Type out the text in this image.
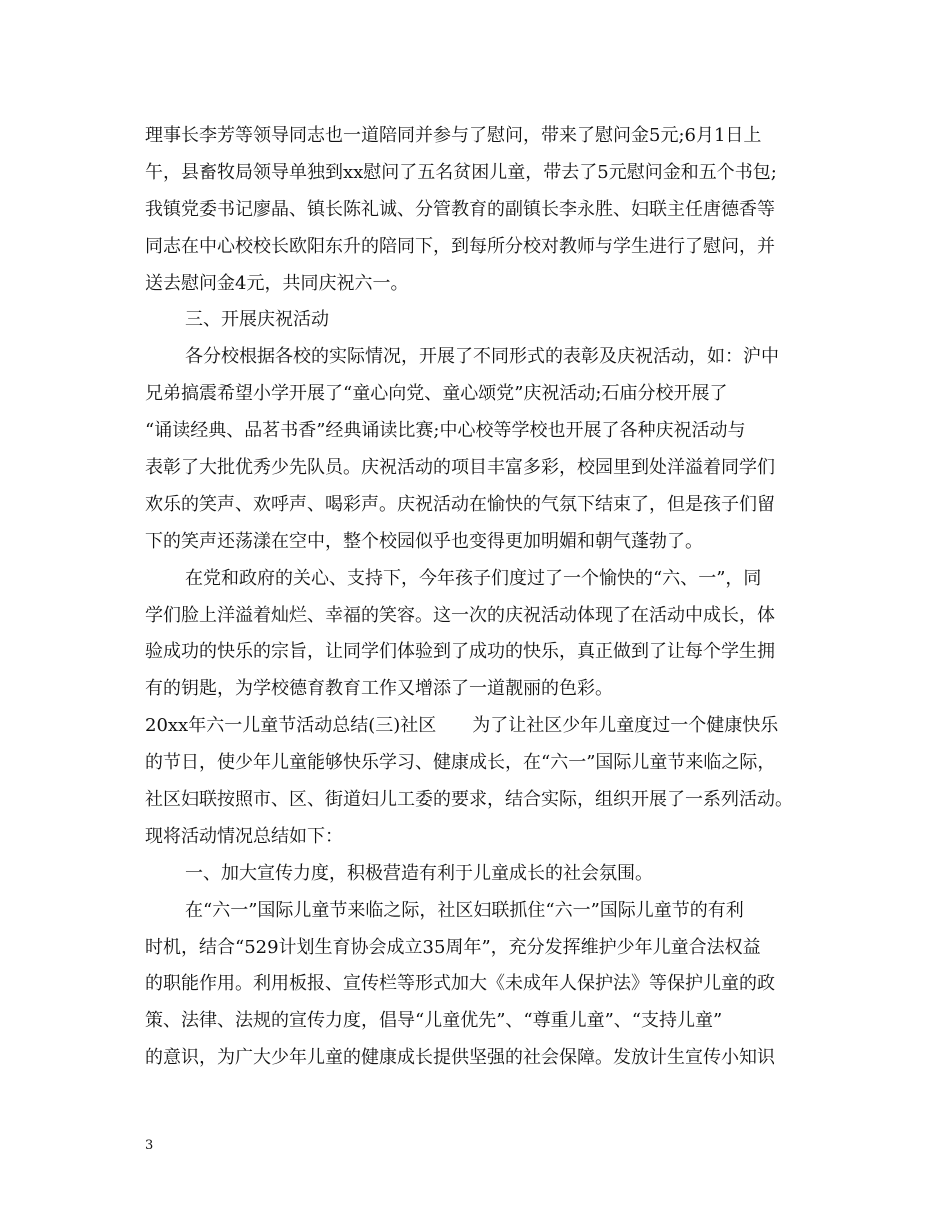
理事长李芳等领导同志也一道陪同并参与了慰问，带来了慰问金5元;6月1日上
午，县畜牧局领导单独到xx慰问了五名贫困儿童，带去了5元慰问金和五个书包;
我镇党委书记廖晶、镇长陈礼诚、分管教育的副镇长李永胜、妇联主任唐德香等
同志在中心校校长欧阳东升的陪同下，到每所分校对教师与学生进行了慰问，并
送去慰问金4元，共同庆祝六一。
三、开展庆祝活动
各分校根据各校的实际情况，开展了不同形式的表彰及庆祝活动，如：沪中
兄弟搞震希望小学开展了“童心向党、童心颂党”庆祝活动;石庙分校开展了
“诵读经典、品茗书香”经典诵读比赛;中心校等学校也开展了各种庆祝活动与
表彰了大批优秀少先队员。庆祝活动的项目丰富多彩，校园里到处洋溢着同学们
欢乐的笑声、欢呼声、喝彩声。庆祝活动在愉快的气氛下结束了，但是孩子们留
下的笑声还荡漾在空中，整个校园似乎也变得更加明媚和朝气蓬勃了。
在党和政府的关心、支持下，今年孩子们度过了一个愉快的“六、一”，同
学们脸上洋溢着灿烂、幸福的笑容。这一次的庆祝活动体现了在活动中成长，体
验成功的快乐的宗旨，让同学们体验到了成功的快乐，真正做到了让每个学生拥
有的钥匙，为学校德育教育工作又增添了一道靓丽的色彩。
20xx年六一儿童节活动总结(三)社区　　为了让社区少年儿童度过一个健康快乐
的节日，使少年儿童能够快乐学习、健康成长，在“六一”国际儿童节来临之际，
社区妇联按照市、区、街道妇儿工委的要求，结合实际，组织开展了一系列活动。
现将活动情况总结如下：
一、加大宣传力度，积极营造有利于儿童成长的社会氛围。
在“六一”国际儿童节来临之际，社区妇联抓住“六一”国际儿童节的有利
时机，结合“529计划生育协会成立35周年”，充分发挥维护少年儿童合法权益
的职能作用。利用板报、宣传栏等形式加大《未成年人保护法》等保护儿童的政
策、法律、法规的宣传力度，倡导“儿童优先”、“尊重儿童”、“支持儿童”
的意识，为广大少年儿童的健康成长提供坚强的社会保障。发放计生宣传小知识
3
